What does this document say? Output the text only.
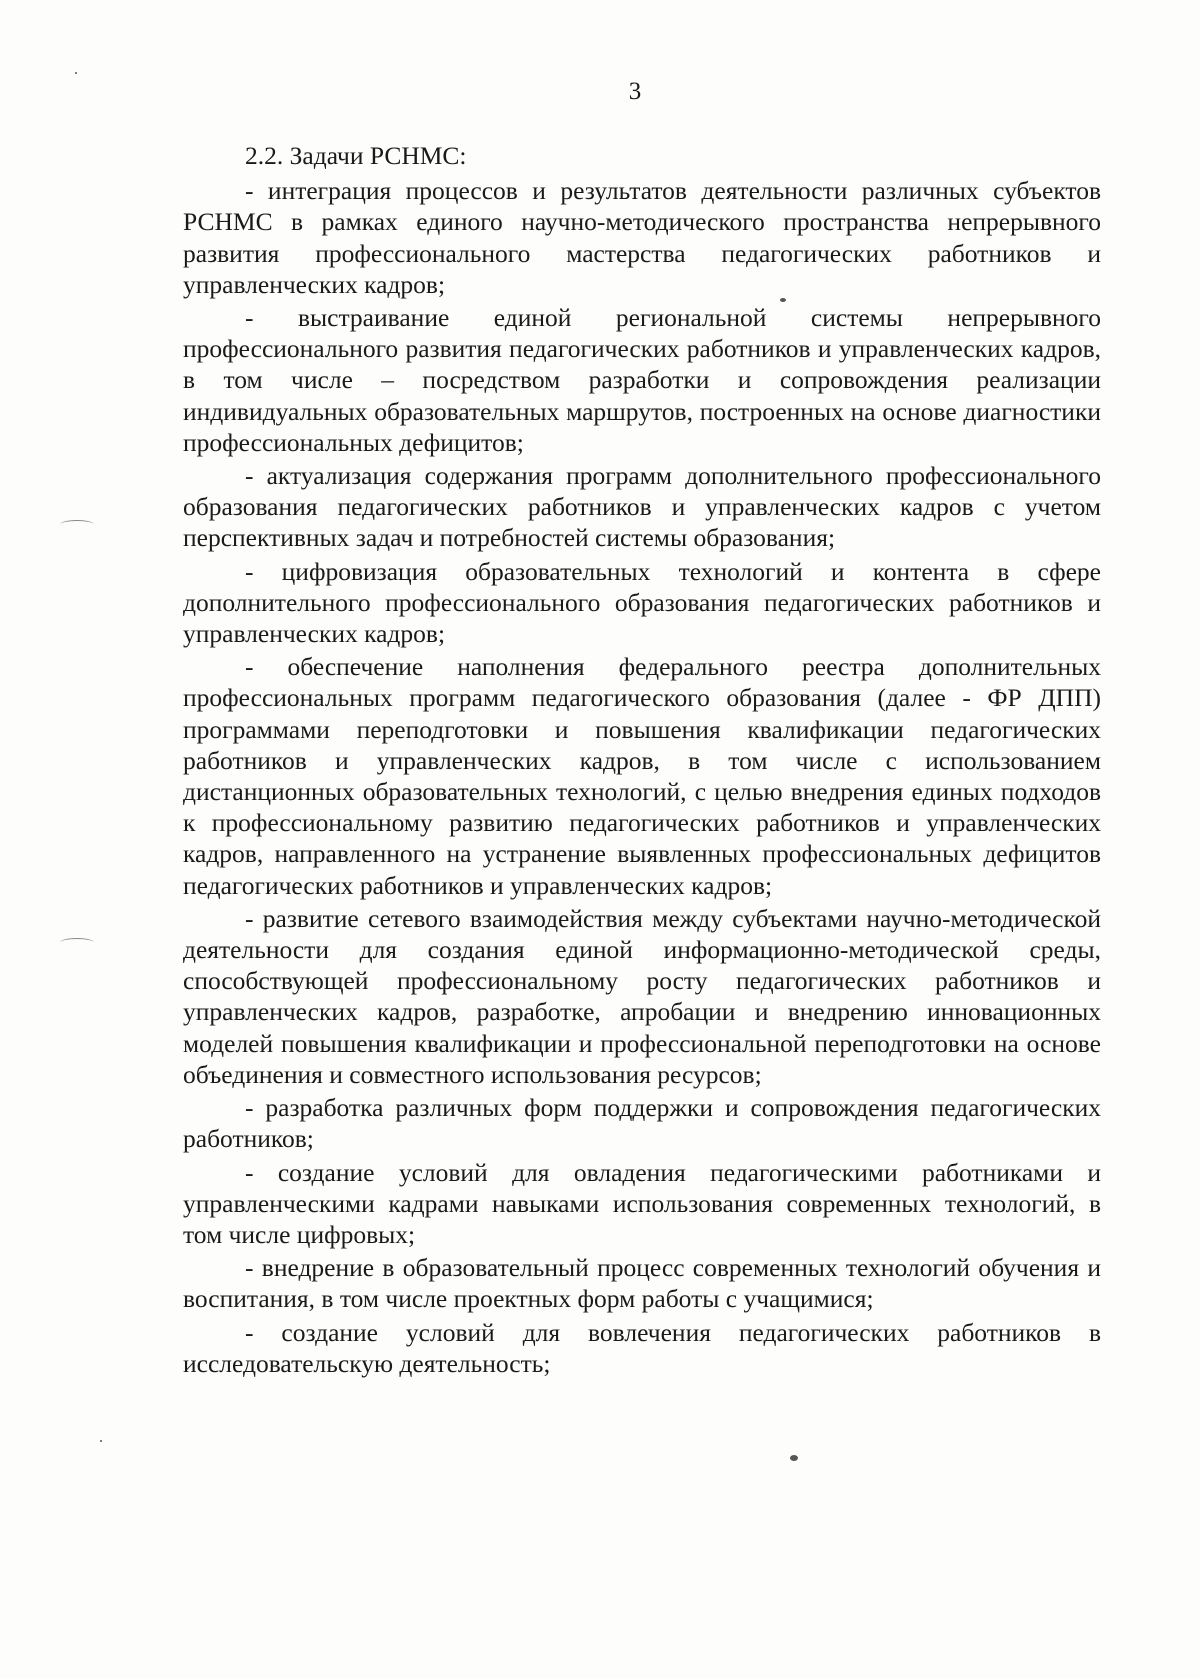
3

2.2. Задачи РСНМС:

- интеграция процессов и результатов деятельности различных субъектов РСНМС в рамках единого научно-методического пространства непрерывного развития профессионального мастерства педагогических работников и управленческих кадров;

- выстраивание единой региональной системы непрерывного профессионального развития педагогических работников и управленческих кадров, в том числе – посредством разработки и сопровождения реализации индивидуальных образовательных маршрутов, построенных на основе диагностики профессиональных дефицитов;

- актуализация содержания программ дополнительного профессионального образования педагогических работников и управленческих кадров с учетом перспективных задач и потребностей системы образования;

- цифровизация образовательных технологий и контента в сфере дополнительного профессионального образования педагогических работников и управленческих кадров;

- обеспечение наполнения федерального реестра дополнительных профессиональных программ педагогического образования (далее - ФР ДПП) программами переподготовки и повышения квалификации педагогических работников и управленческих кадров, в том числе с использованием дистанционных образовательных технологий, с целью внедрения единых подходов к профессиональному развитию педагогических работников и управленческих кадров, направленного на устранение выявленных профессиональных дефицитов педагогических работников и управленческих кадров;

- развитие сетевого взаимодействия между субъектами научно-методической деятельности для создания единой информационно-методической среды, способствующей профессиональному росту педагогических работников и управленческих кадров, разработке, апробации и внедрению инновационных моделей повышения квалификации и профессиональной переподготовки на основе объединения и совместного использования ресурсов;

- разработка различных форм поддержки и сопровождения педагогических работников;

- создание условий для овладения педагогическими работниками и управленческими кадрами навыками использования современных технологий, в том числе цифровых;

- внедрение в образовательный процесс современных технологий обучения и воспитания, в том числе проектных форм работы с учащимися;

- создание условий для вовлечения педагогических работников в исследовательскую деятельность;
